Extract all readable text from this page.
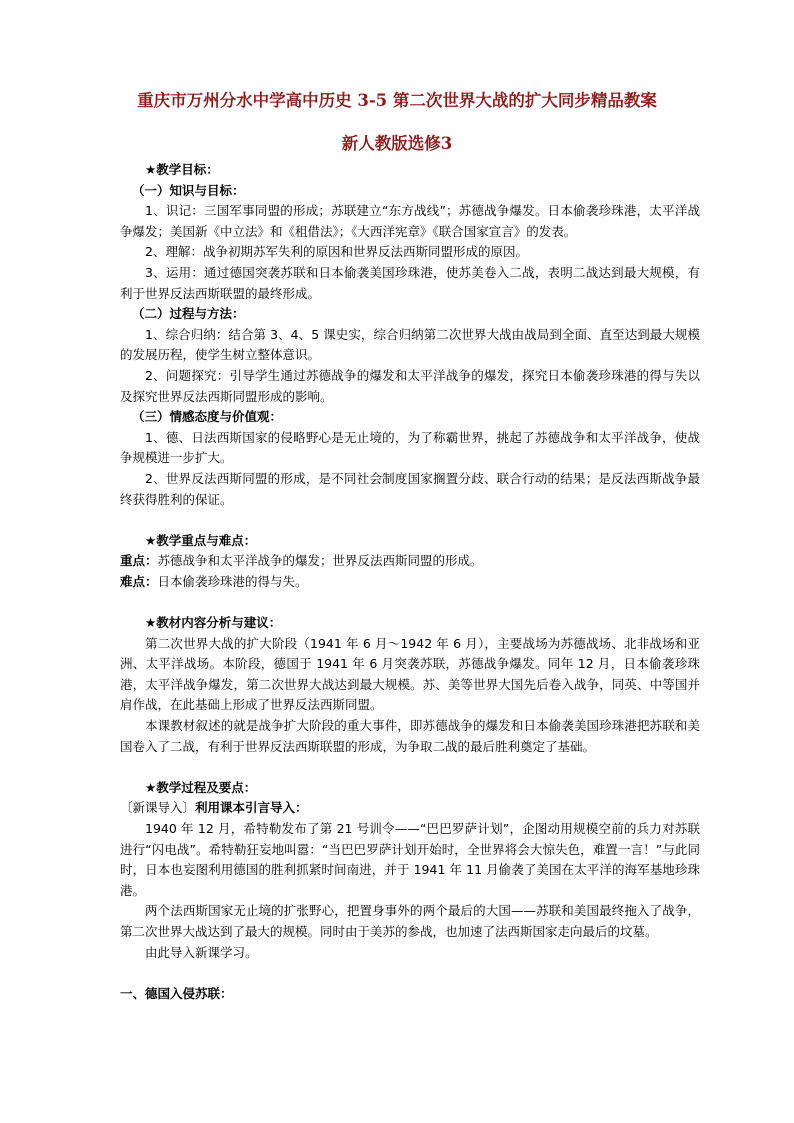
重庆市万州分水中学高中历史 3-5 第二次世界大战的扩大同步精品教案
新人教版选修3

★教学目标：

（一）知识与目标：

1、识记：三国军事同盟的形成；苏联建立“东方战线”；苏德战争爆发。日本偷袭珍珠港，太平洋战争爆发；美国新《中立法》和《租借法》；《大西洋宪章》《联合国家宣言》的发表。

2、理解：战争初期苏军失利的原因和世界反法西斯同盟形成的原因。

3、运用：通过德国突袭苏联和日本偷袭美国珍珠港，使苏美卷入二战，表明二战达到最大规模，有利于世界反法西斯联盟的最终形成。

（二）过程与方法：

1、综合归纳：结合第 3、4、5 课史实，综合归纳第二次世界大战由战局到全面、直至达到最大规模的发展历程，使学生树立整体意识。

2、问题探究：引导学生通过苏德战争的爆发和太平洋战争的爆发，探究日本偷袭珍珠港的得与失以及探究世界反法西斯同盟形成的影响。

（三）情感态度与价值观：

1、德、日法西斯国家的侵略野心是无止境的，为了称霸世界，挑起了苏德战争和太平洋战争，使战争规模进一步扩大。

2、世界反法西斯同盟的形成，是不同社会制度国家搁置分歧、联合行动的结果；是反法西斯战争最终获得胜利的保证。

★教学重点与难点：

重点：苏德战争和太平洋战争的爆发；世界反法西斯同盟的形成。

难点：日本偷袭珍珠港的得与失。

★教材内容分析与建议：

第二次世界大战的扩大阶段（1941 年 6 月～1942 年 6 月），主要战场为苏德战场、北非战场和亚洲、太平洋战场。本阶段，德国于 1941 年 6 月突袭苏联，苏德战争爆发。同年 12 月，日本偷袭珍珠港，太平洋战争爆发，第二次世界大战达到最大规模。苏、美等世界大国先后卷入战争，同英、中等国并肩作战，在此基础上形成了世界反法西斯同盟。

本课教材叙述的就是战争扩大阶段的重大事件，即苏德战争的爆发和日本偷袭美国珍珠港把苏联和美国卷入了二战，有利于世界反法西斯联盟的形成，为争取二战的最后胜利奠定了基础。

★教学过程及要点：

〔新课导入〕利用课本引言导入：

1940 年 12 月，希特勒发布了第 21 号训令——“巴巴罗萨计划”，企图动用规模空前的兵力对苏联进行“闪电战”。希特勒狂妄地叫嚣：“当巴巴罗萨计划开始时，全世界将会大惊失色，难置一言！”与此同时，日本也妄图利用德国的胜利抓紧时间南进，并于 1941 年 11 月偷袭了美国在太平洋的海军基地珍珠港。

两个法西斯国家无止境的扩张野心，把置身事外的两个最后的大国——苏联和美国最终拖入了战争，第二次世界大战达到了最大的规模。同时由于美苏的参战，也加速了法西斯国家走向最后的坟墓。

由此导入新课学习。

一、德国入侵苏联：
